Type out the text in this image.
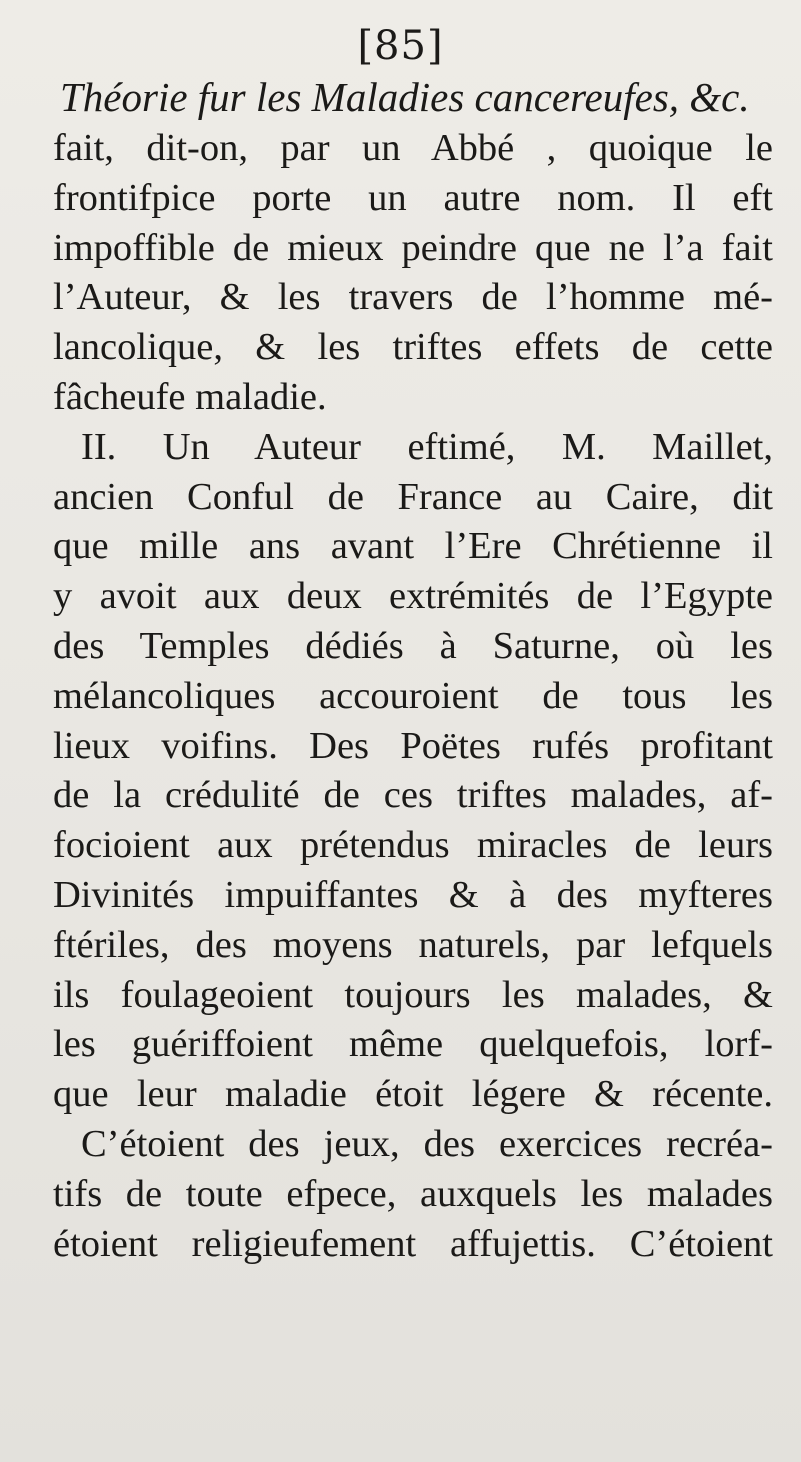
[85]
Théorie fur les Maladies cancereufes, &c.
fait, dit-on, par un Abbé , quoique le
frontifpice porte un autre nom. Il eft
impoffible de mieux peindre que ne l’a fait
l’Auteur, & les travers de l’homme mé-
lancolique, & les triftes effets de cette
fâcheufe maladie.
II. Un Auteur eftimé, M. Maillet,
ancien Conful de France au Caire, dit
que mille ans avant l’Ere Chrétienne il
y avoit aux deux extrémités de l’Egypte
des Temples dédiés à Saturne, où les
mélancoliques accouroient de tous les
lieux voifins. Des Poëtes rufés profitant
de la crédulité de ces triftes malades, af-
focioient aux prétendus miracles de leurs
Divinités impuiffantes & à des myfteres
ftériles, des moyens naturels, par lefquels
ils foulageoient toujours les malades, &
les guériffoient même quelquefois, lorf-
que leur maladie étoit légere & récente.
C’étoient des jeux, des exercices recréa-
tifs de toute efpece, auxquels les malades
étoient religieufement affujettis. C’étoient
